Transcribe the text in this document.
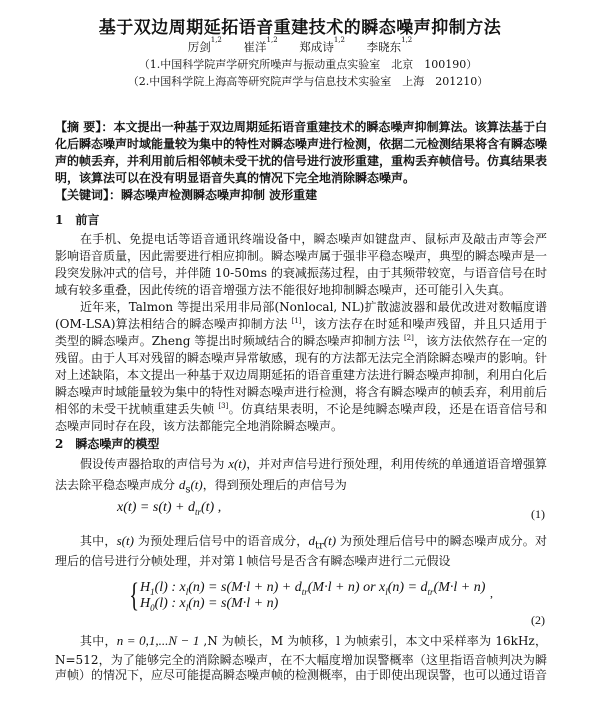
基于双边周期延拓语音重建技术的瞬态噪声抑制方法
厉剑$^{1,2}$ 崔洋$^{1,2}$ 郑成诗$^{1,2}$ 李晓东$^{1,2}$
（1.中国科学院声学研究所噪声与振动重点实验室　北京　100190）
（2.中国科学院上海高等研究院声学与信息技术实验室　上海　201210）
【摘 要】：本文提出一种基于双边周期延拓语音重建技术的瞬态噪声抑制算法。该算法基于白
化后瞬态噪声时域能量较为集中的特性对瞬态噪声进行检测，依据二元检测结果将含有瞬态噪
声的帧丢弃，并利用前后相邻帧未受干扰的信号进行波形重建，重构丢弃帧信号。仿真结果表
明，该算法可以在没有明显语音失真的情况下完全地消除瞬态噪声。
【关键词】：瞬态噪声检测瞬态噪声抑制 波形重建
1　前言
在手机、免提电话等语音通讯终端设备中，瞬态噪声如键盘声、鼠标声及敲击声等会严
影响语音质量，因此需要进行相应抑制。瞬态噪声属于强非平稳态噪声，典型的瞬态噪声是一
段突发脉冲式的信号，并伴随 10-50ms 的衰减振荡过程，由于其频带较宽，与语音信号在时
域有较多重叠，因此传统的语音增强方法不能很好地抑制瞬态噪声，还可能引入失真。
近年来，Talmon 等提出采用非局部(Nonlocal, NL)扩散滤波器和最优改进对数幅度谱
(OM-LSA)算法相结合的瞬态噪声抑制方法 [1]，该方法存在时延和噪声残留，并且只适用于
类型的瞬态噪声。Zheng 等提出时频域结合的瞬态噪声抑制方法 [2]，该方法依然存在一定的
残留。由于人耳对残留的瞬态噪声异常敏感，现有的方法都无法完全消除瞬态噪声的影响。针
对上述缺陷，本文提出一种基于双边周期延拓的语音重建方法进行瞬态噪声抑制，利用白化后
瞬态噪声时域能量较为集中的特性对瞬态噪声进行检测，将含有瞬态噪声的帧丢弃，利用前后
相邻的未受干扰帧重建丢失帧 [3]。仿真结果表明，不论是纯瞬态噪声段，还是在语音信号和
态噪声同时存在段，该方法都能完全地消除瞬态噪声。
2　瞬态噪声的模型
假设传声器拾取的声信号为 x(t)，并对声信号进行预处理，利用传统的单通道语音增强算
法去除平稳态噪声成分 $d_s(t)$，得到预处理后的声信号为
其中，s(t) 为预处理后信号中的语音成分，$d_{tr}(t)$ 为预处理后信号中的瞬态噪声成分。对
理后的信号进行分帧处理，并对第 l 帧信号是否含有瞬态噪声进行二元假设
其中，n = 0,1,...N − 1 ,N 为帧长，M 为帧移，l 为帧索引，本文中采样率为 16kHz，
N=512，为了能够完全的消除瞬态噪声，在不大幅度增加误警概率（这里指语音帧判决为瞬
声帧）的情况下，应尽可能提高瞬态噪声帧的检测概率，由于即使出现误警，也可以通过语音
$x(t) = s(t) + d_{tr}(t)$ ,
$H_1(l)$ : $x_l(n) = s(M\cdot l + n) + d_{tr}(M\cdot l + n)$ or $x_l(n) = d_{tr}(M\cdot l + n)$
$H_0(l)$ : $x_l(n) = s(M\cdot l + n)$
(1)
{	,
(2)
